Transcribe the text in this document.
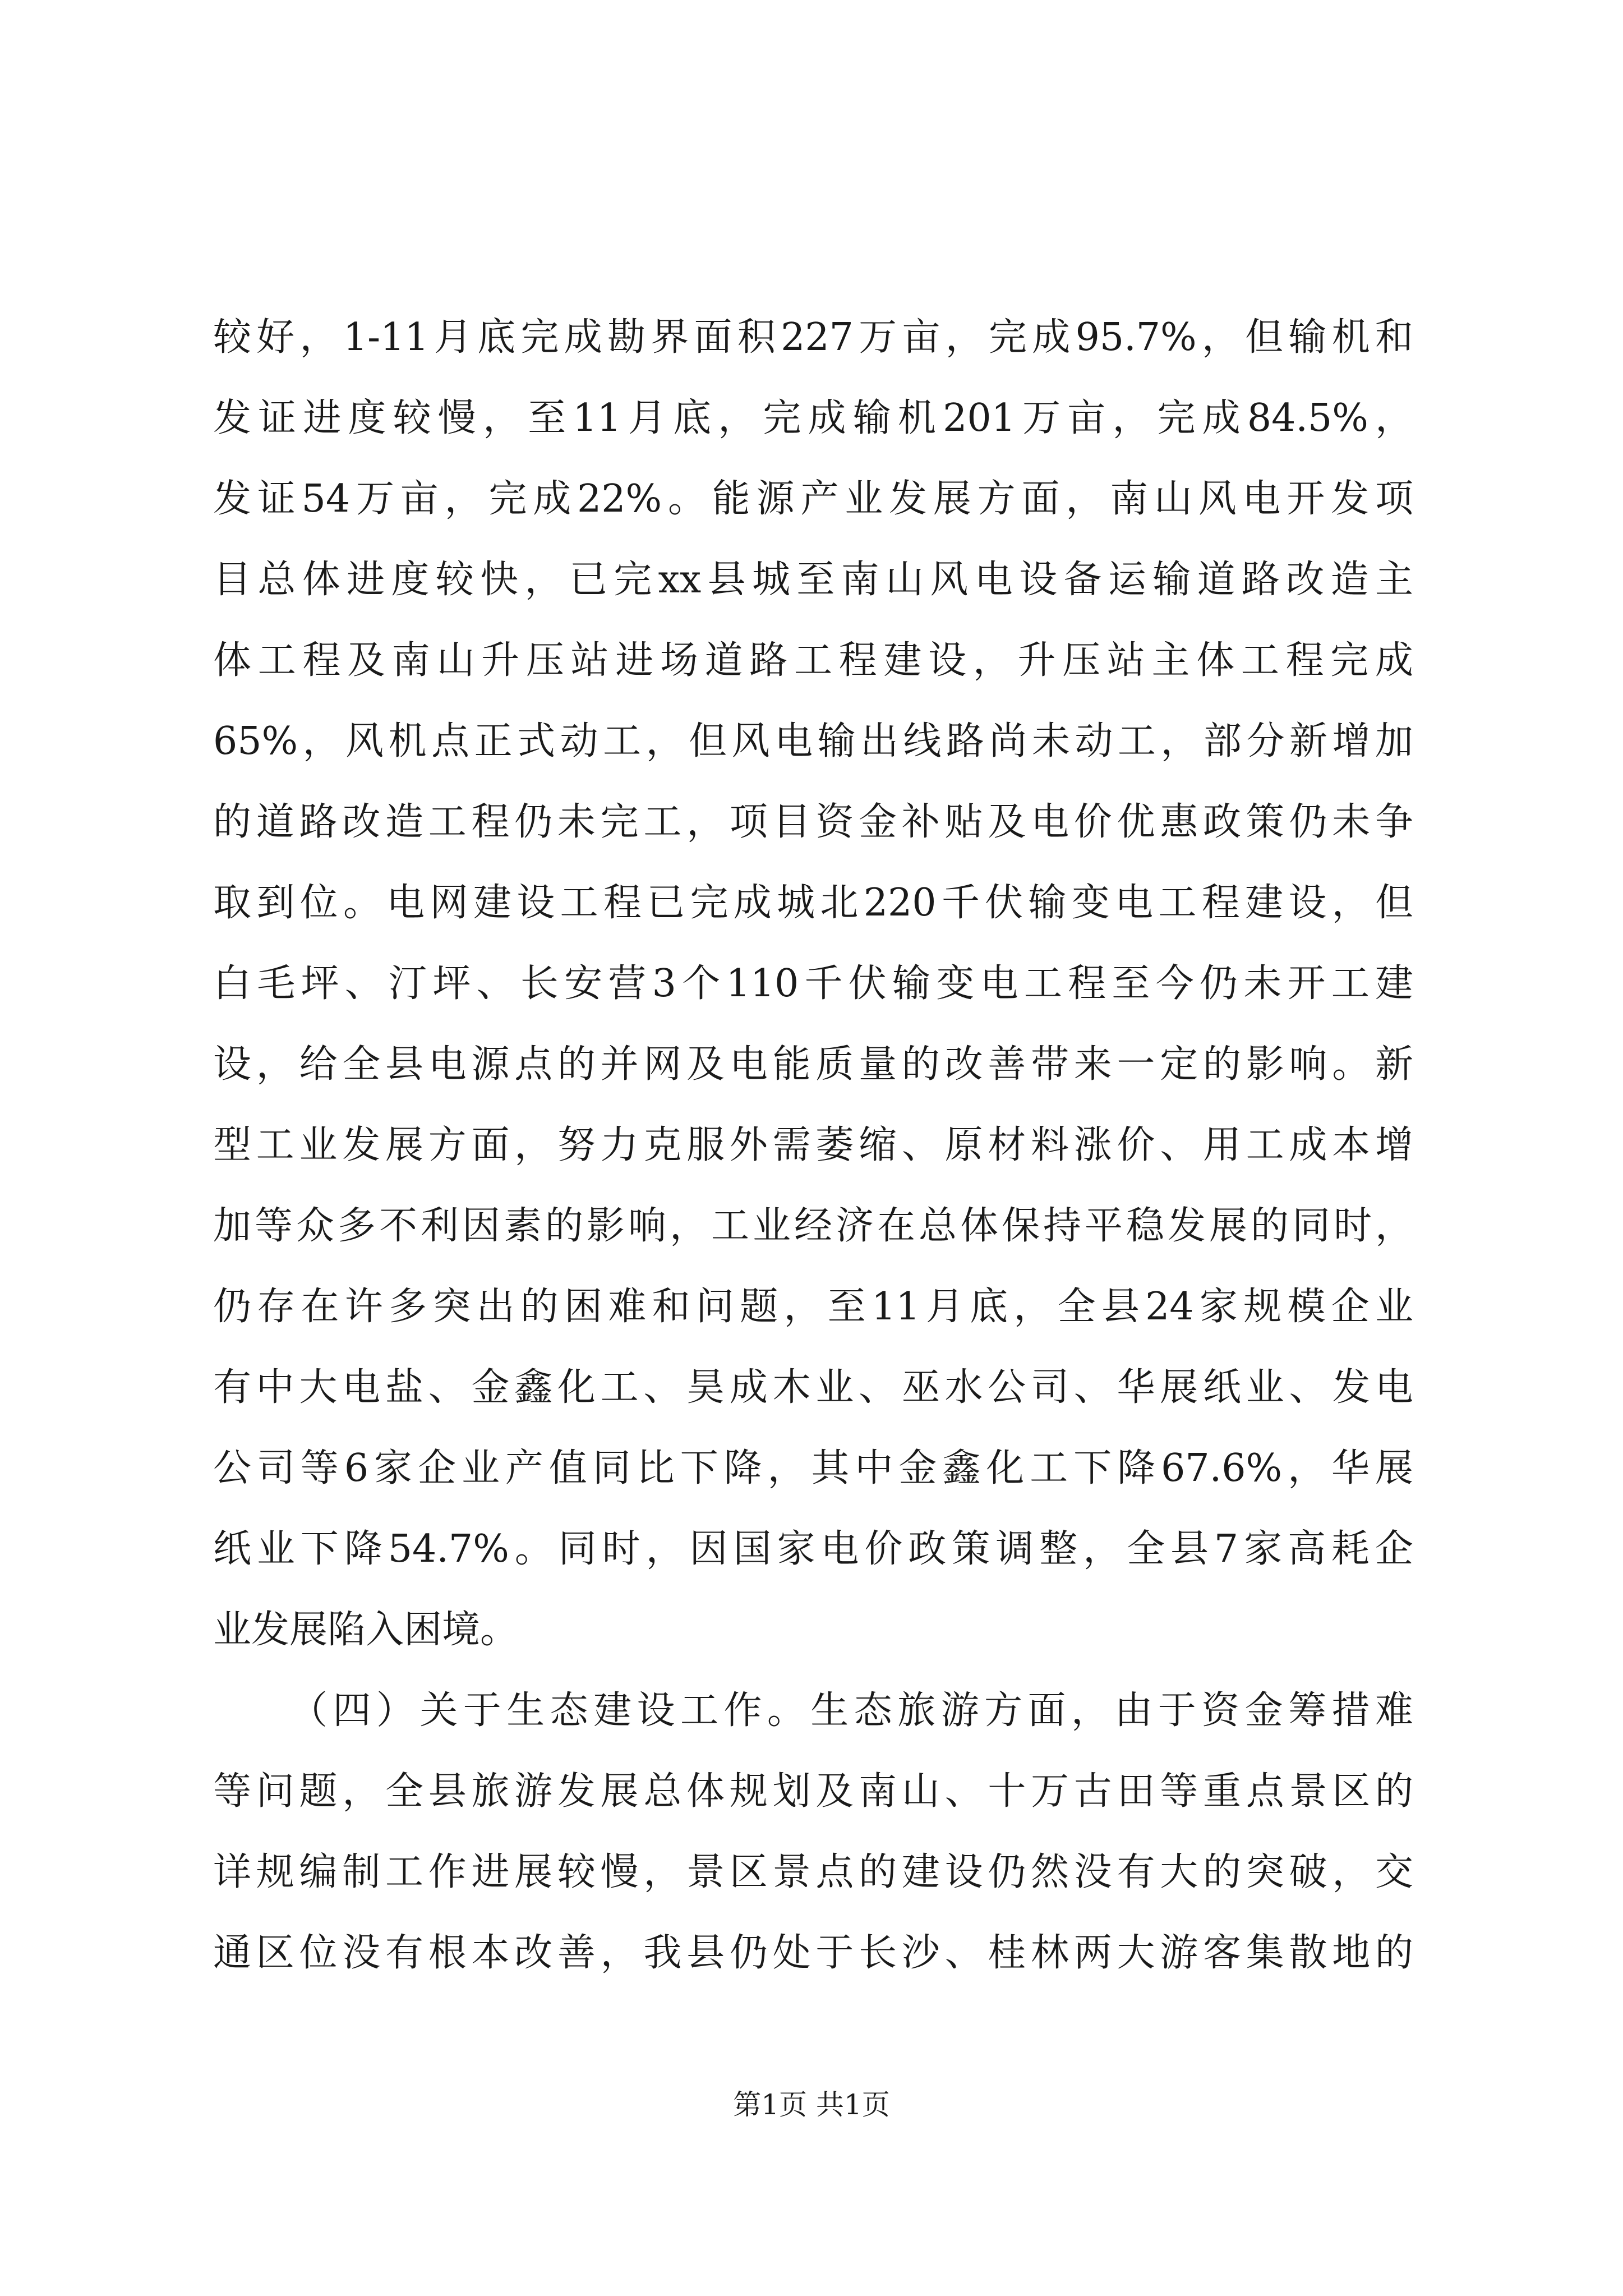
较好，1-11月底完成勘界面积227万亩，完成95.7%，但输机和
发证进度较慢，至11月底，完成输机201万亩，完成84.5%，
发证54万亩，完成22%。能源产业发展方面，南山风电开发项
目总体进度较快，已完xx县城至南山风电设备运输道路改造主
体工程及南山升压站进场道路工程建设，升压站主体工程完成
65%，风机点正式动工，但风电输出线路尚未动工，部分新增加
的道路改造工程仍未完工，项目资金补贴及电价优惠政策仍未争
取到位。电网建设工程已完成城北220千伏输变电工程建设，但
白毛坪、汀坪、长安营3个110千伏输变电工程至今仍未开工建
设，给全县电源点的并网及电能质量的改善带来一定的影响。新
型工业发展方面，努力克服外需萎缩、原材料涨价、用工成本增
加等众多不利因素的影响，工业经济在总体保持平稳发展的同时，
仍存在许多突出的困难和问题，至11月底，全县24家规模企业
有中大电盐、金鑫化工、昊成木业、巫水公司、华展纸业、发电
公司等6家企业产值同比下降，其中金鑫化工下降67.6%，华展
纸业下降54.7%。同时，因国家电价政策调整，全县7家高耗企
业发展陷入困境。
（四）关于生态建设工作。生态旅游方面，由于资金筹措难
等问题，全县旅游发展总体规划及南山、十万古田等重点景区的
详规编制工作进展较慢，景区景点的建设仍然没有大的突破，交
通区位没有根本改善，我县仍处于长沙、桂林两大游客集散地的
第1页 共1页
